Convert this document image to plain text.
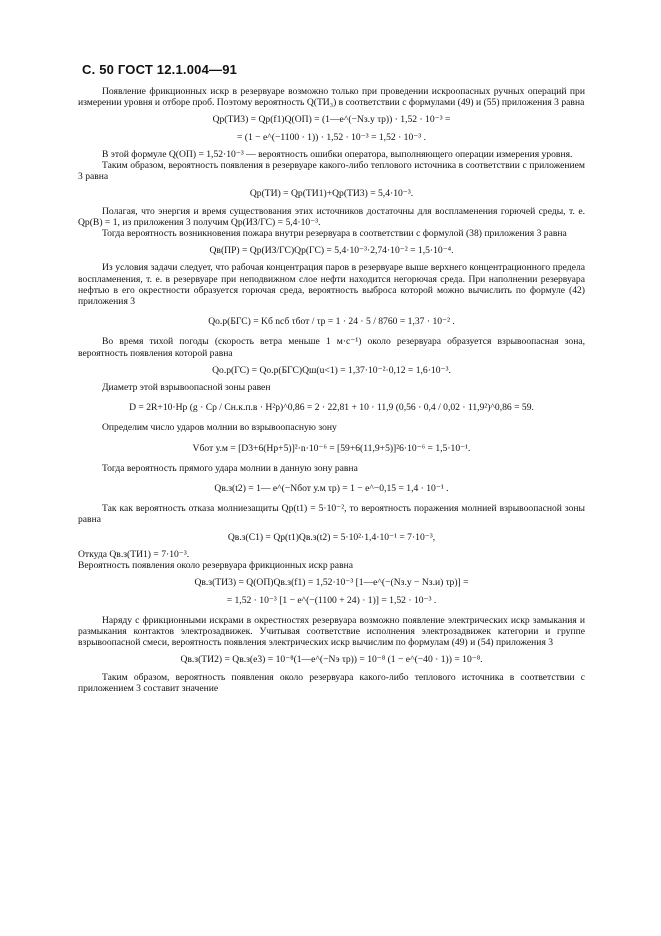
С. 50 ГОСТ 12.1.004—91

Появление фрикционных искр в резервуаре возможно только при проведении искроопасных ручных операций при измерении уровня и отборе проб. Поэтому вероятность Q(ТИ₃) в соответствии с формулами (49) и (55) приложения 3 равна

Qр(ТИ3) = Qр(f1)Q(ОП) = (1—e^(−Nз.у τр)) · 1,52 · 10⁻³ =

= (1 − e^(−1100 · 1)) · 1,52 · 10⁻³ = 1,52 · 10⁻³ .

В этой формуле Q(ОП) = 1,52·10⁻³ — вероятность ошибки оператора, выполняющего операции измерения уровня.

Таким образом, вероятность появления в резервуаре какого-либо теплового источника в соответствии с приложением 3 равна

Qр(ТИ) = Qр(ТИ1)+Qр(ТИ3) = 5,4·10⁻³.

Полагая, что энергия и время существования этих источников достаточны для воспламенения горючей среды, т. е. Qр(В) = 1, из приложения 3 получим Qр(ИЗ/ГС) = 5,4·10⁻³.

Тогда вероятность возникновения пожара внутри резервуара в соответствии с формулой (38) приложения 3 равна

Qв(ПР) = Qр(ИЗ/ГС)Qр(ГС) = 5,4·10⁻³·2,74·10⁻² = 1,5·10⁻⁴.

Из условия задачи следует, что рабочая концентрация паров в резервуаре выше верхнего концентрационного предела воспламенения, т. е. в резервуаре при неподвижном слое нефти находится негорючая среда. При наполнении резервуара нефтью в его окрестности образуется горючая среда, вероятность выброса которой можно вычислить по формуле (42) приложения 3

Qо.р(БГС) = Kб nсб τбот / τр = 1 · 24 · 5 / 8760 = 1,37 · 10⁻² .

Во время тихой погоды (скорость ветра меньше 1 м·с⁻¹) около резервуара образуется взрывоопасная зона, вероятность появления которой равна

Qо.р(ГС) = Qо.р(БГС)Qш(u<1) = 1,37·10⁻²·0,12 = 1,6·10⁻³.

Диаметр этой взрывоопасной зоны равен

D = 2R+10·Hр (g · Cр / Cн.к.п.в · H²р)^0,86 = 2 · 22,81 + 10 · 11,9 (0,56 · 0,4 / 0,02 · 11,9²)^0,86 = 59.

Определим число ударов молнии во взрывоопасную зону

Vбот у.м = [D3+6(Hр+5)]²·n·10⁻⁶ = [59+6(11,9+5)]²6·10⁻⁶ = 1,5·10⁻¹.

Тогда вероятность прямого удара молнии в данную зону равна

Qв.з(t2) = 1— e^(−Nбот у.м τр) = 1 − e^−0,15 = 1,4 · 10⁻¹ .

Так как вероятность отказа молниезащиты Qр(t1) = 5·10⁻², то вероятность поражения молнией взрывоопасной зоны равна

Qв.з(C1) = Qр(t1)Qв.з(t2) = 5·10²·1,4·10⁻¹ = 7·10⁻³,

Откуда Qв.з(ТИ1) = 7·10⁻³.

Вероятность появления около резервуара фрикционных искр равна

Qв.з(ТИ3) = Q(ОП)Qв.з(f1) = 1,52·10⁻³ [1—e^(−(Nз.у − Nз.и) τр)] =

= 1,52 · 10⁻³ [1 − e^(−(1100 + 24) · 1)] = 1,52 · 10⁻³ .

Наряду с фрикционными искрами в окрестностях резервуара возможно появление электрических искр замыкания и размыкания контактов электрозадвижек. Учитывая соответствие исполнения электрозадвижек категории и группе взрывоопасной смеси, вероятность появления электрических искр вычислим по формулам (49) и (54) приложения 3

Qв.з(ТИ2) = Qв.з(e3) = 10⁻⁸(1—e^(−Nэ τр)) = 10⁻⁸ (1 − e^(−40 · 1)) = 10⁻⁸.

Таким образом, вероятность появления около резервуара какого-либо теплового источника в соответствии с приложением 3 составит значение
